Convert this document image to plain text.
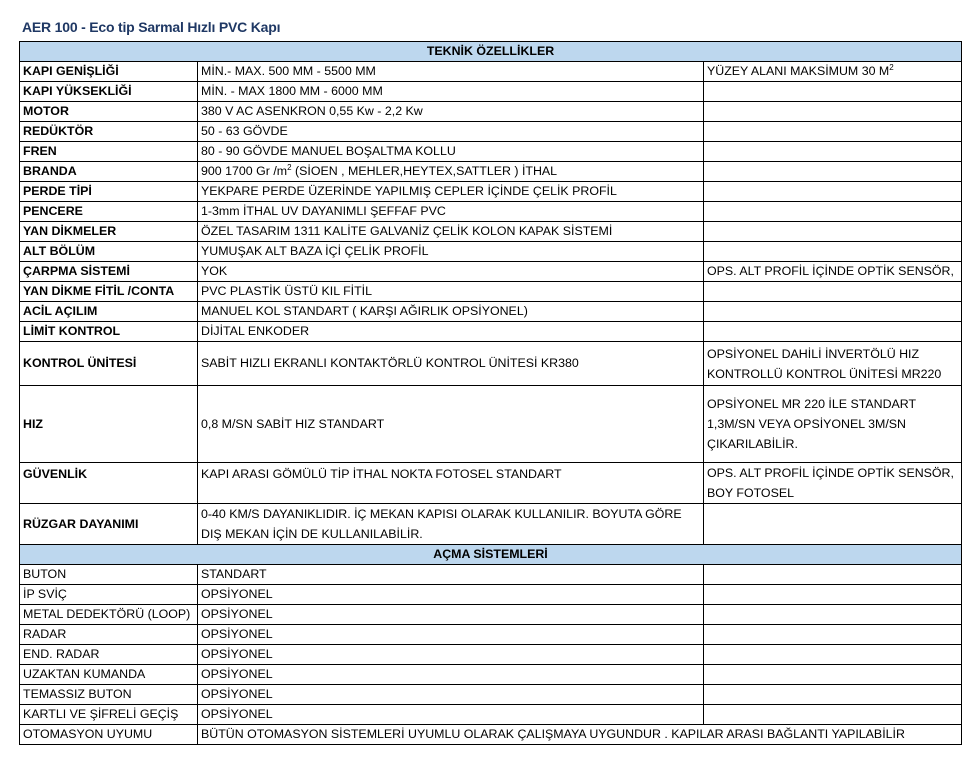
AER 100 - Eco tip Sarmal Hızlı PVC Kapı
TEKNİK ÖZELLİKLER		
KAPI GENİŞLİĞİ	MİN.- MAX. 500 MM - 5500 MM	YÜZEY ALANI MAKSİMUM 30 $M^2$
KAPI YÜKSEKLİĞİ	MİN. - MAX 1800 MM - 6000 MM	
MOTOR	380 V AC ASENKRON 0,55 Kw - 2,2 Kw	
REDÜKTÖR	50 - 63 GÖVDE	
FREN	80 - 90 GÖVDE MANUEL BOŞALTMA KOLLU	
BRANDA	900 1700 Gr $/m^2$ (SİOEN , MEHLER,HEYTEX,SATTLER ) İTHAL	
PERDE TİPİ	YEKPARE PERDE ÜZERİNDE YAPILMIŞ CEPLER İÇİNDE ÇELİK PROFİL	
PENCERE	1-3mm İTHAL UV DAYANIMLI ŞEFFAF PVC	
YAN DİKMELER	ÖZEL TASARIM 1311 KALİTE GALVANİZ ÇELİK KOLON KAPAK SİSTEMİ	
ALT BÖLÜM	YUMUŞAK ALT BAZA İÇİ ÇELİK PROFİL	
ÇARPMA SİSTEMİ	YOK	OPS. ALT PROFİL İÇİNDE OPTİK SENSÖR,
YAN DİKME FİTİL /CONTA	PVC PLASTİK ÜSTÜ KIL FİTİL	
ACİL AÇILIM	MANUEL KOL STANDART ( KARŞI AĞIRLIK OPSİYONEL)	
LİMİT KONTROL	DİJİTAL ENKODER	
KONTROL ÜNİTESİ	SABİT HIZLI EKRANLI KONTAKTÖRLÜ KONTROL ÜNİTESİ KR380	OPSİYONEL DAHİLİ İNVERTÖLÜ HIZ KONTROLLÜ KONTROL ÜNİTESİ MR220
HIZ	0,8 M/SN SABİT HIZ STANDART	OPSİYONEL MR 220 İLE STANDART 1,3M/SN VEYA OPSİYONEL 3M/SN ÇIKARILABİLİR.
GÜVENLİK	KAPI ARASI GÖMÜLÜ TİP İTHAL NOKTA FOTOSEL STANDART	OPS. ALT PROFİL İÇİNDE OPTİK SENSÖR, BOY FOTOSEL
RÜZGAR DAYANIMI	0-40 KM/S DAYANIKLIDIR. İÇ MEKAN KAPISI OLARAK KULLANILIR. BOYUTA GÖRE DIŞ MEKAN İÇİN DE KULLANILABİLİR.	
AÇMA SİSTEMLERİ		
BUTON	STANDART	
İP SVİÇ	OPSİYONEL	
METAL DEDEKTÖRÜ (LOOP)	OPSİYONEL	
RADAR	OPSİYONEL	
END. RADAR	OPSİYONEL	
UZAKTAN KUMANDA	OPSİYONEL	
TEMASSIZ BUTON	OPSİYONEL	
KARTLI VE ŞİFRELİ GEÇİŞ	OPSİYONEL	
OTOMASYON UYUMU	BÜTÜN OTOMASYON SİSTEMLERİ UYUMLU OLARAK ÇALIŞMAYA UYGUNDUR . KAPILAR ARASI BAĞLANTI YAPILABİLİR	
